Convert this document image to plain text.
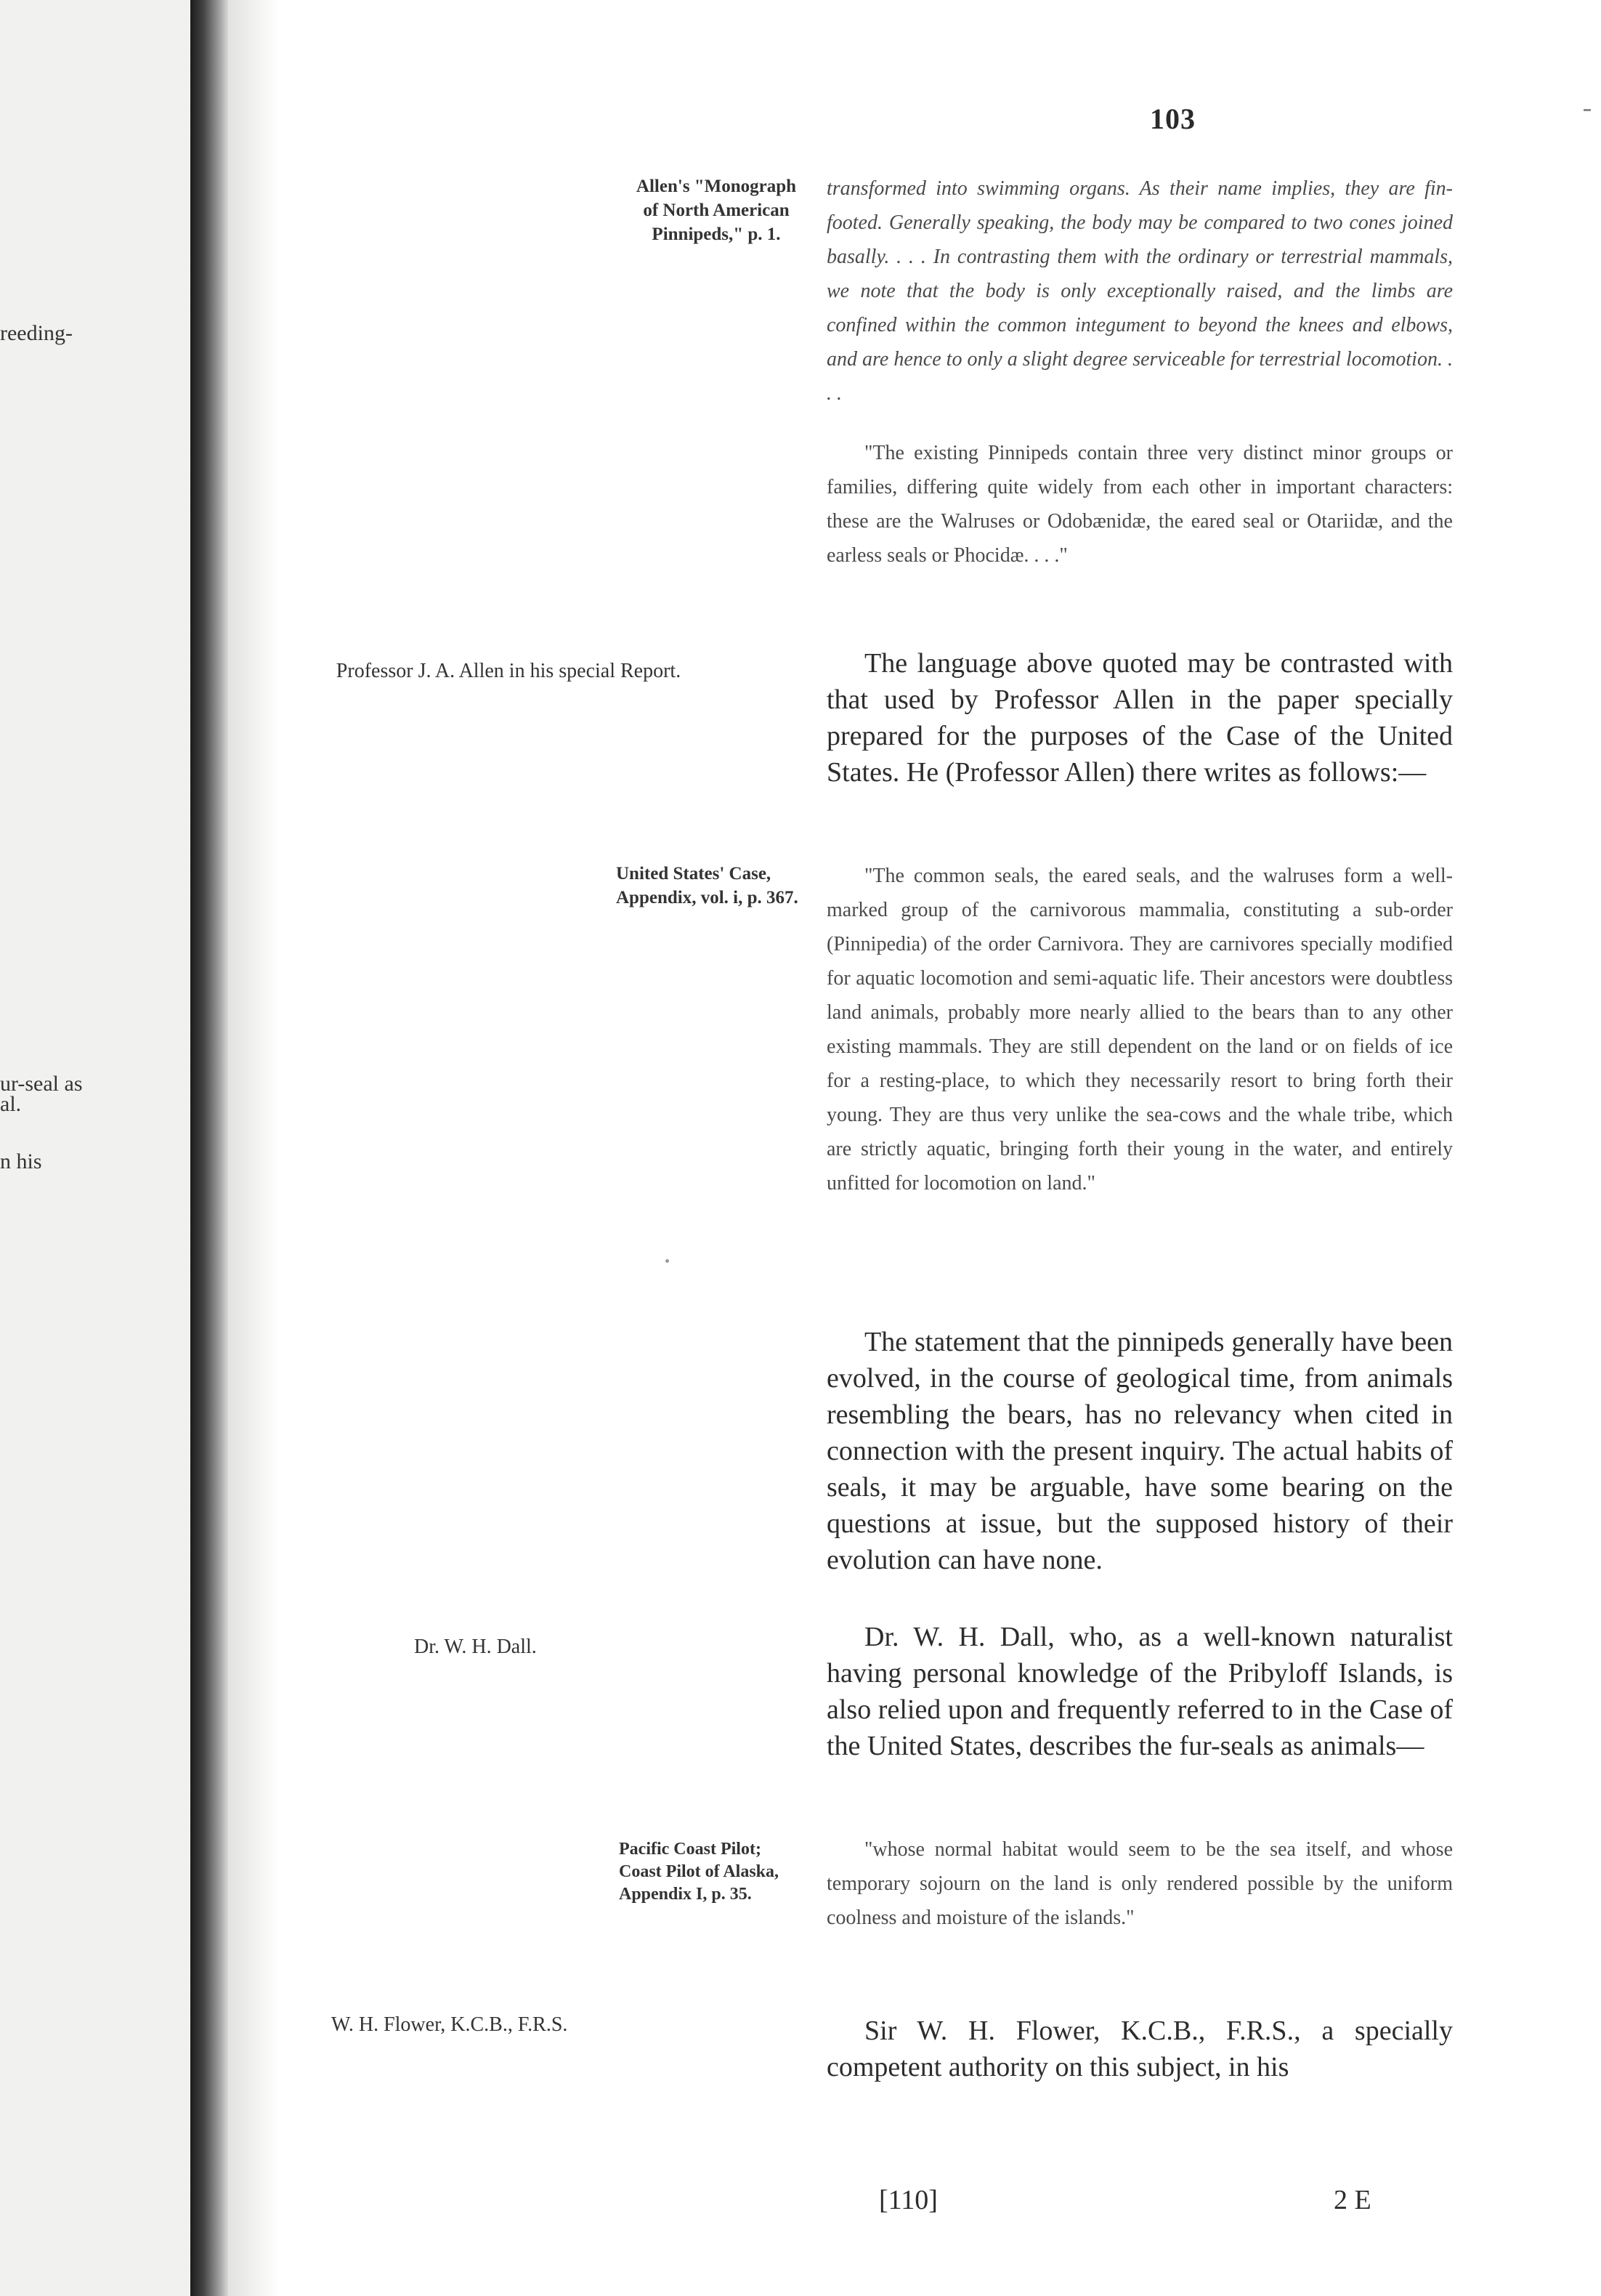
reeding-
ur-seal as
al.
n his
103
Allen's "Monograph of North American Pinnipeds," p. 1.
Professor J. A. Allen in his special Report.
United States' Case, Appendix, vol. i, p. 367.
Dr. W. H. Dall.
Pacific Coast Pilot; Coast Pilot of Alaska, Appendix I, p. 35.
W. H. Flower, K.C.B., F.R.S.

transformed into swimming organs. As their name implies, they are fin-footed. Generally speaking, the body may be compared to two cones joined basally. . . . In contrasting them with the ordinary or terrestrial mammals, we note that the body is only exceptionally raised, and the limbs are confined within the common integument to beyond the knees and elbows, and are hence to only a slight degree serviceable for terrestrial locomotion. . . .

"The existing Pinnipeds contain three very distinct minor groups or families, differing quite widely from each other in important characters: these are the Walruses or Odobænidæ, the eared seal or Otariidæ, and the earless seals or Phocidæ. . . ."

The language above quoted may be contrasted with that used by Professor Allen in the paper specially prepared for the purposes of the Case of the United States. He (Professor Allen) there writes as follows:—

"The common seals, the eared seals, and the walruses form a well-marked group of the carnivorous mammalia, constituting a sub-order (Pinnipedia) of the order Carnivora. They are carnivores specially modified for aquatic locomotion and semi-aquatic life. Their ancestors were doubtless land animals, probably more nearly allied to the bears than to any other existing mammals. They are still dependent on the land or on fields of ice for a resting-place, to which they necessarily resort to bring forth their young. They are thus very unlike the sea-cows and the whale tribe, which are strictly aquatic, bringing forth their young in the water, and entirely unfitted for locomotion on land."

The statement that the pinnipeds generally have been evolved, in the course of geological time, from animals resembling the bears, has no relevancy when cited in connection with the present inquiry. The actual habits of seals, it may be arguable, have some bearing on the questions at issue, but the supposed history of their evolution can have none.

Dr. W. H. Dall, who, as a well-known naturalist having personal knowledge of the Pribyloff Islands, is also relied upon and frequently referred to in the Case of the United States, describes the fur-seals as animals—

"whose normal habitat would seem to be the sea itself, and whose temporary sojourn on the land is only rendered possible by the uniform coolness and moisture of the islands."

Sir W. H. Flower, K.C.B., F.R.S., a specially competent authority on this subject, in his

[110]	2 E
